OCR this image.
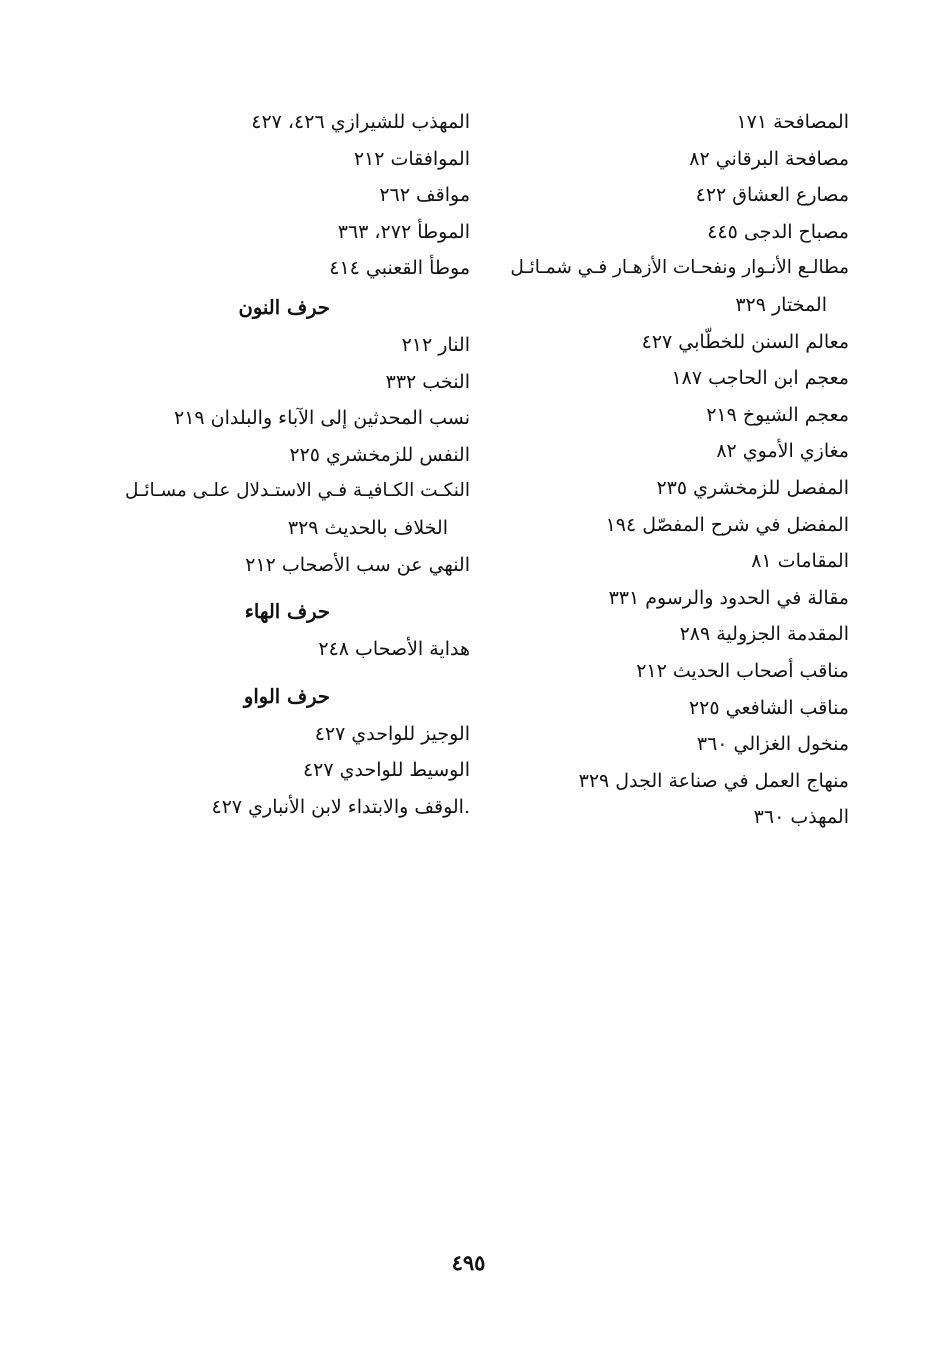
المصافحة ١٧١
مصافحة البرقاني ٨٢
مصارع العشاق ٤٢٢
مصباح الدجى ٤٤٥
مطالـع الأنـوار ونفحـات الأزهـار فـي شمـائـل
المختار ٣٢٩
معالم السنن للخطّابي ٤٢٧
معجم ابن الحاجب ١٨٧
معجم الشيوخ ٢١٩
مغازي الأموي ٨٢
المفصل للزمخشري ٢٣٥
المفضل في شرح المفصّل ١٩٤
المقامات ٨١
مقالة في الحدود والرسوم ٣٣١
المقدمة الجزولية ٢٨٩
مناقب أصحاب الحديث ٢١٢
مناقب الشافعي ٢٢٥
منخول الغزالي ٣٦٠
منهاج العمل في صناعة الجدل ٣٢٩
المهذب ٣٦٠
المهذب للشيرازي ٤٢٦، ٤٢٧
الموافقات ٢١٢
مواقف ٢٦٢
الموطأ ٢٧٢، ٣٦٣
موطأ القعنبي ٤١٤
حرف النون
النار ٢١٢
النخب ٣٣٢
نسب المحدثين إلى الآباء والبلدان ٢١٩
النفس للزمخشري ٢٢٥
النكـت الكـافيـة فـي الاستـدلال علـى مسـائـل
الخلاف بالحديث ٣٢٩
النهي عن سب الأصحاب ٢١٢
حرف الهاء
هداية الأصحاب ٢٤٨
حرف الواو
الوجيز للواحدي ٤٢٧
الوسيط للواحدي ٤٢٧
.الوقف والابتداء لابن الأنباري ٤٢٧
٤٩٥
